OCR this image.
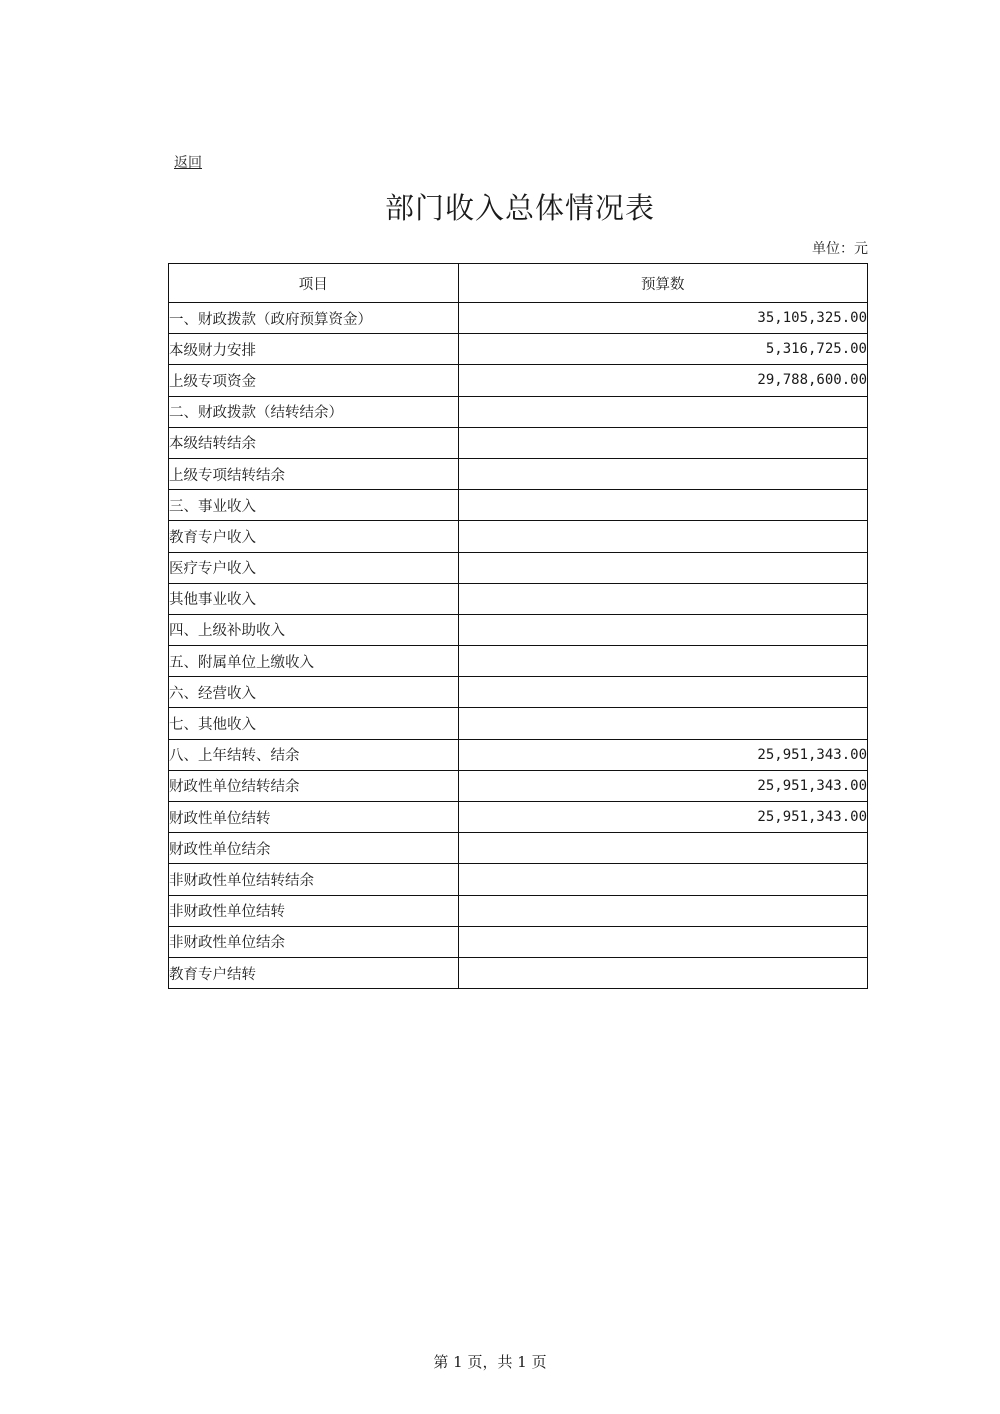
返回
部门收入总体情况表
单位：元
项目	预算数
一、财政拨款（政府预算资金）	35,105,325.00
本级财力安排	5,316,725.00
上级专项资金	29,788,600.00
二、财政拨款（结转结余）	
本级结转结余	
上级专项结转结余	
三、事业收入	
教育专户收入	
医疗专户收入	
其他事业收入	
四、上级补助收入	
五、附属单位上缴收入	
六、经营收入	
七、其他收入	
八、上年结转、结余	25,951,343.00
财政性单位结转结余	25,951,343.00
财政性单位结转	25,951,343.00
财政性单位结余	
非财政性单位结转结余	
非财政性单位结转	
非财政性单位结余	
教育专户结转	
第 1 页，共 1 页
